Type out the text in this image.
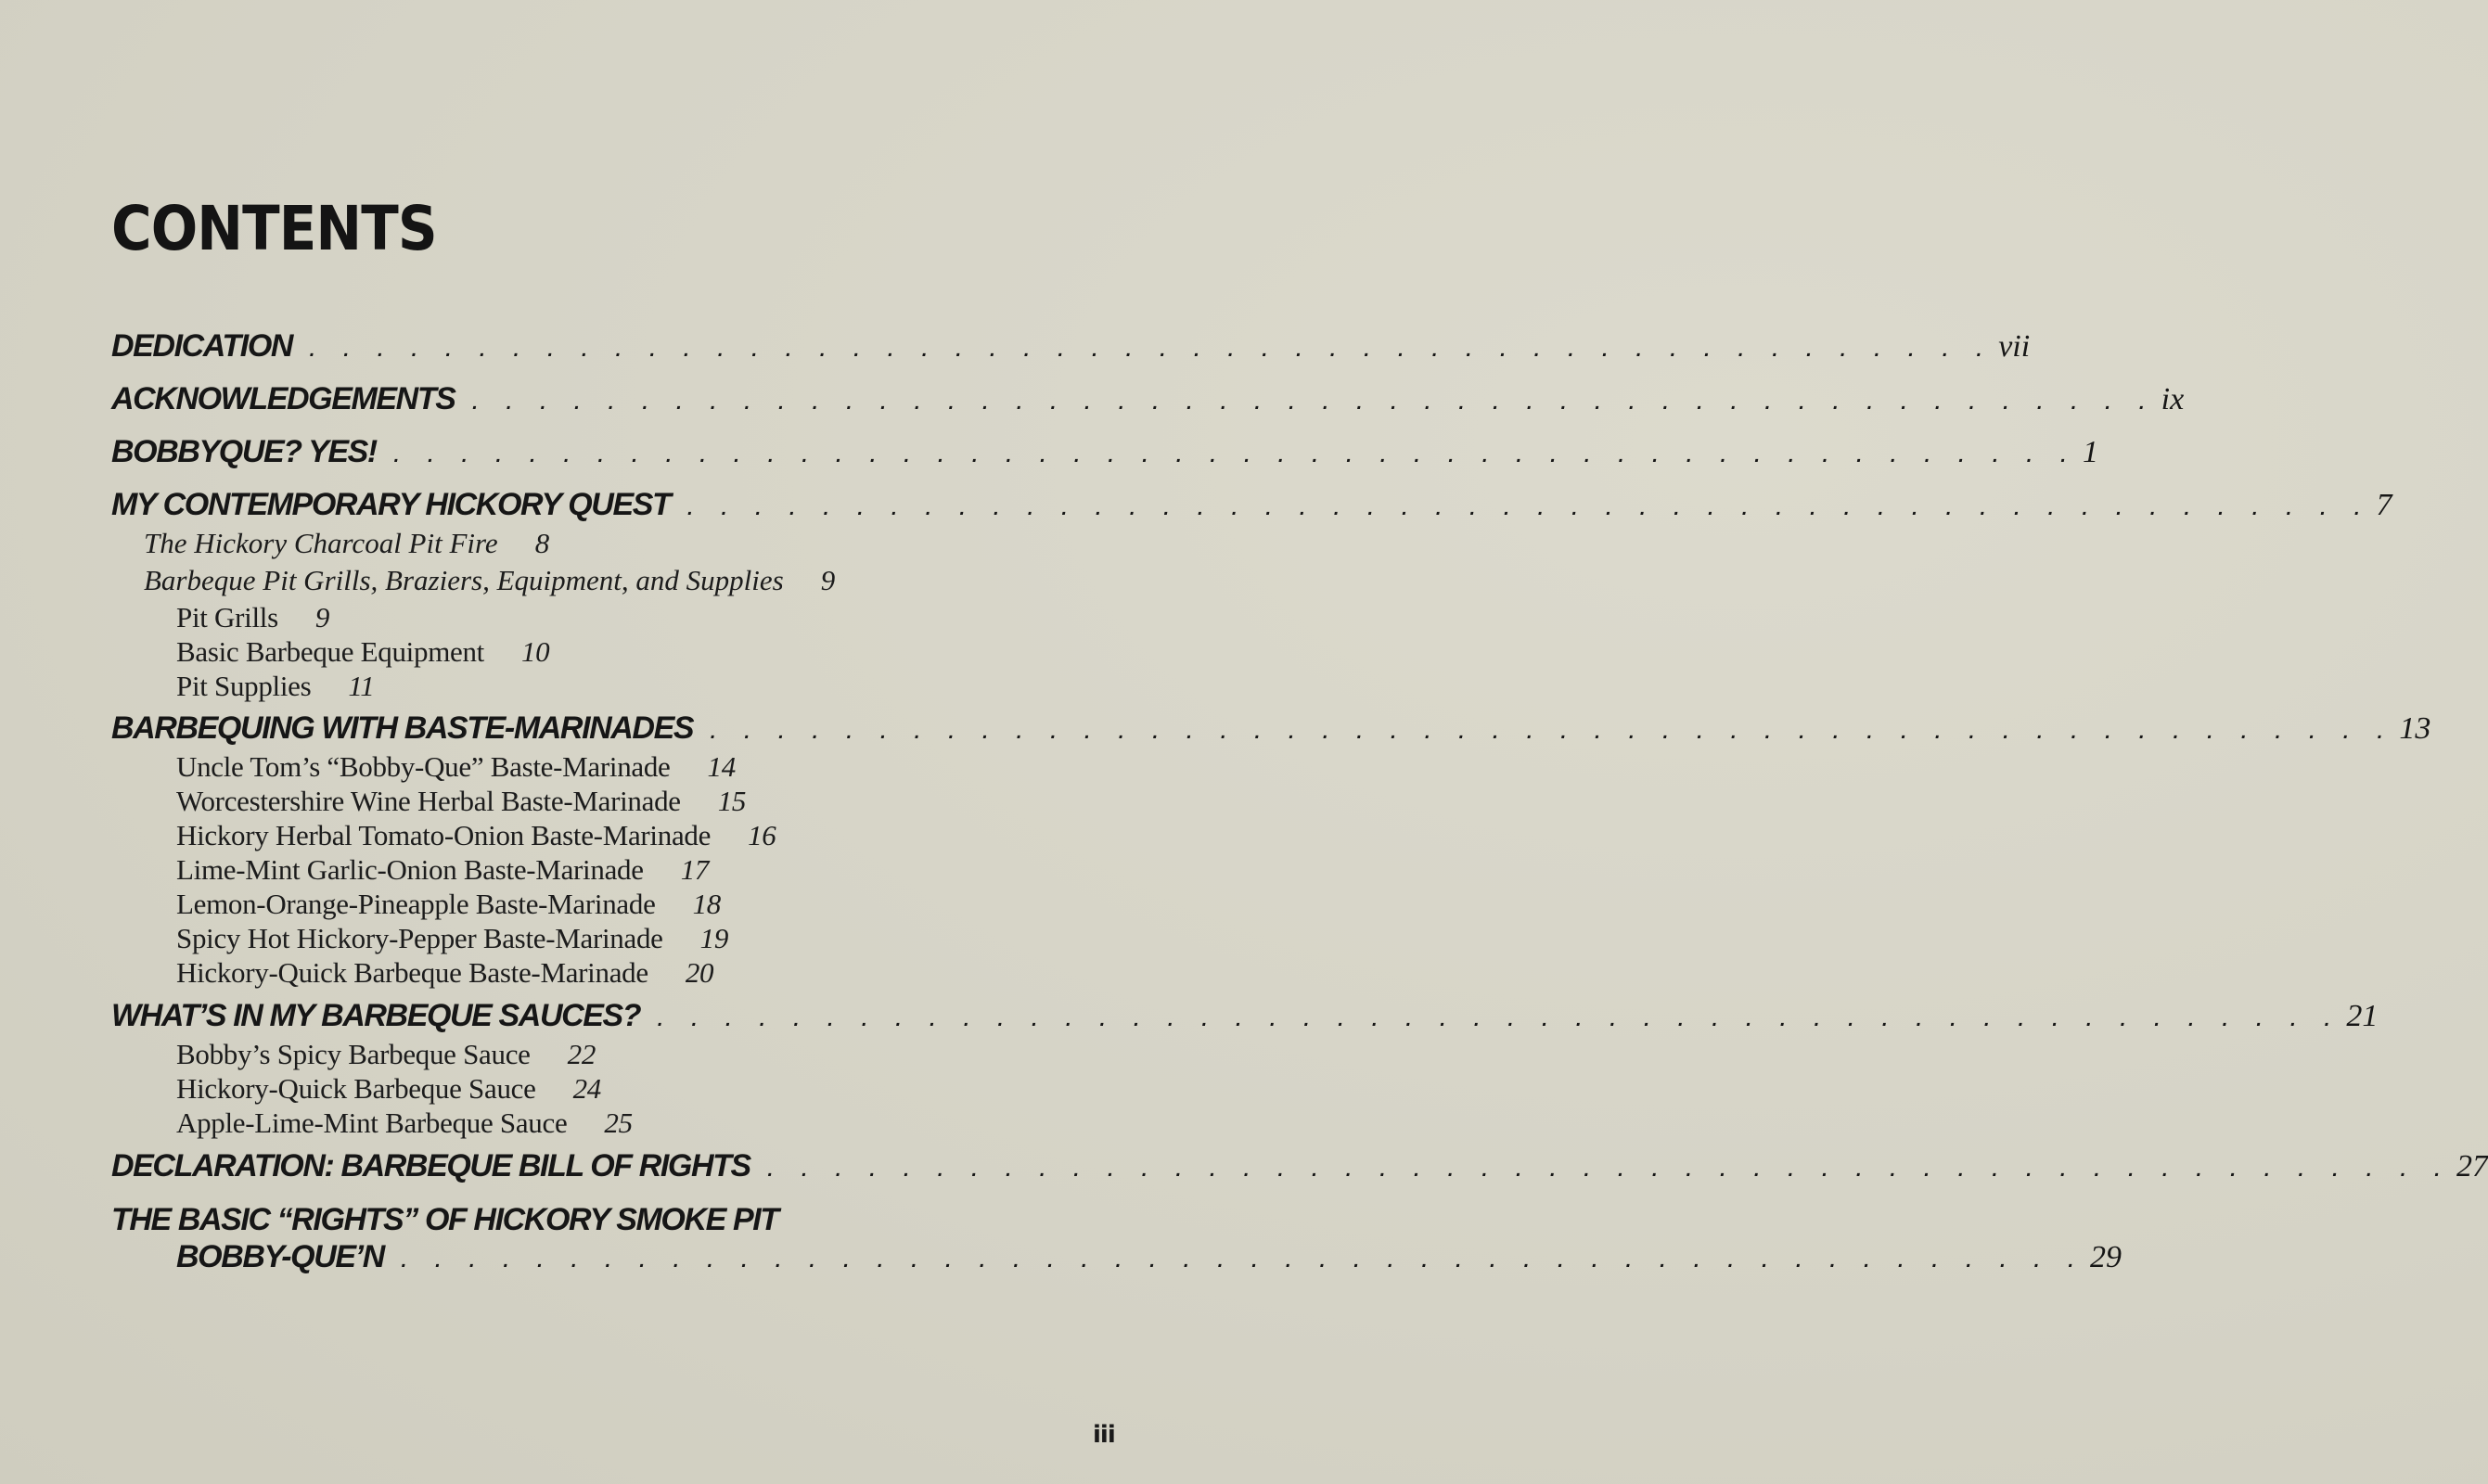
CONTENTS
DEDICATION . . . . . . . . . . . . . . . . . . . . . . . . . . . . . . . . . . . . . . . . . . . . . . . . . . vii
ACKNOWLEDGEMENTS . . . . . . . . . . . . . . . . . . . . . . . . . . . . . . . . . . . . . . . . . . . . . . . . . . ix
BOBBYQUE? YES! . . . . . . . . . . . . . . . . . . . . . . . . . . . . . . . . . . . . . . . . . . . . . . . . . . 1
MY CONTEMPORARY HICKORY QUEST . . . . . . . . . . . . . . . . . . . . . . . . . . . . . . . . . . . . . . . . . . . . . . . . . . 7
The Hickory Charcoal Pit Fire 8
Barbeque Pit Grills, Braziers, Equipment, and Supplies 9
Pit Grills 9
Basic Barbeque Equipment 10
Pit Supplies 11
BARBEQUING WITH BASTE-MARINADES . . . . . . . . . . . . . . . . . . . . . . . . . . . . . . . . . . . . . . . . . . . . . . . . . . 13
Uncle Tom’s “Bobby-Que” Baste-Marinade 14
Worcestershire Wine Herbal Baste-Marinade 15
Hickory Herbal Tomato-Onion Baste-Marinade 16
Lime-Mint Garlic-Onion Baste-Marinade 17
Lemon-Orange-Pineapple Baste-Marinade 18
Spicy Hot Hickory-Pepper Baste-Marinade 19
Hickory-Quick Barbeque Baste-Marinade 20
WHAT’S IN MY BARBEQUE SAUCES? . . . . . . . . . . . . . . . . . . . . . . . . . . . . . . . . . . . . . . . . . . . . . . . . . . 21
Bobby’s Spicy Barbeque Sauce 22
Hickory-Quick Barbeque Sauce 24
Apple-Lime-Mint Barbeque Sauce 25
DECLARATION: BARBEQUE BILL OF RIGHTS . . . . . . . . . . . . . . . . . . . . . . . . . . . . . . . . . . . . . . . . . . . . . . . . . . 27
THE BASIC “RIGHTS” OF HICKORY SMOKE PIT
BOBBY-QUE’N . . . . . . . . . . . . . . . . . . . . . . . . . . . . . . . . . . . . . . . . . . . . . . . . . . 29
iii
